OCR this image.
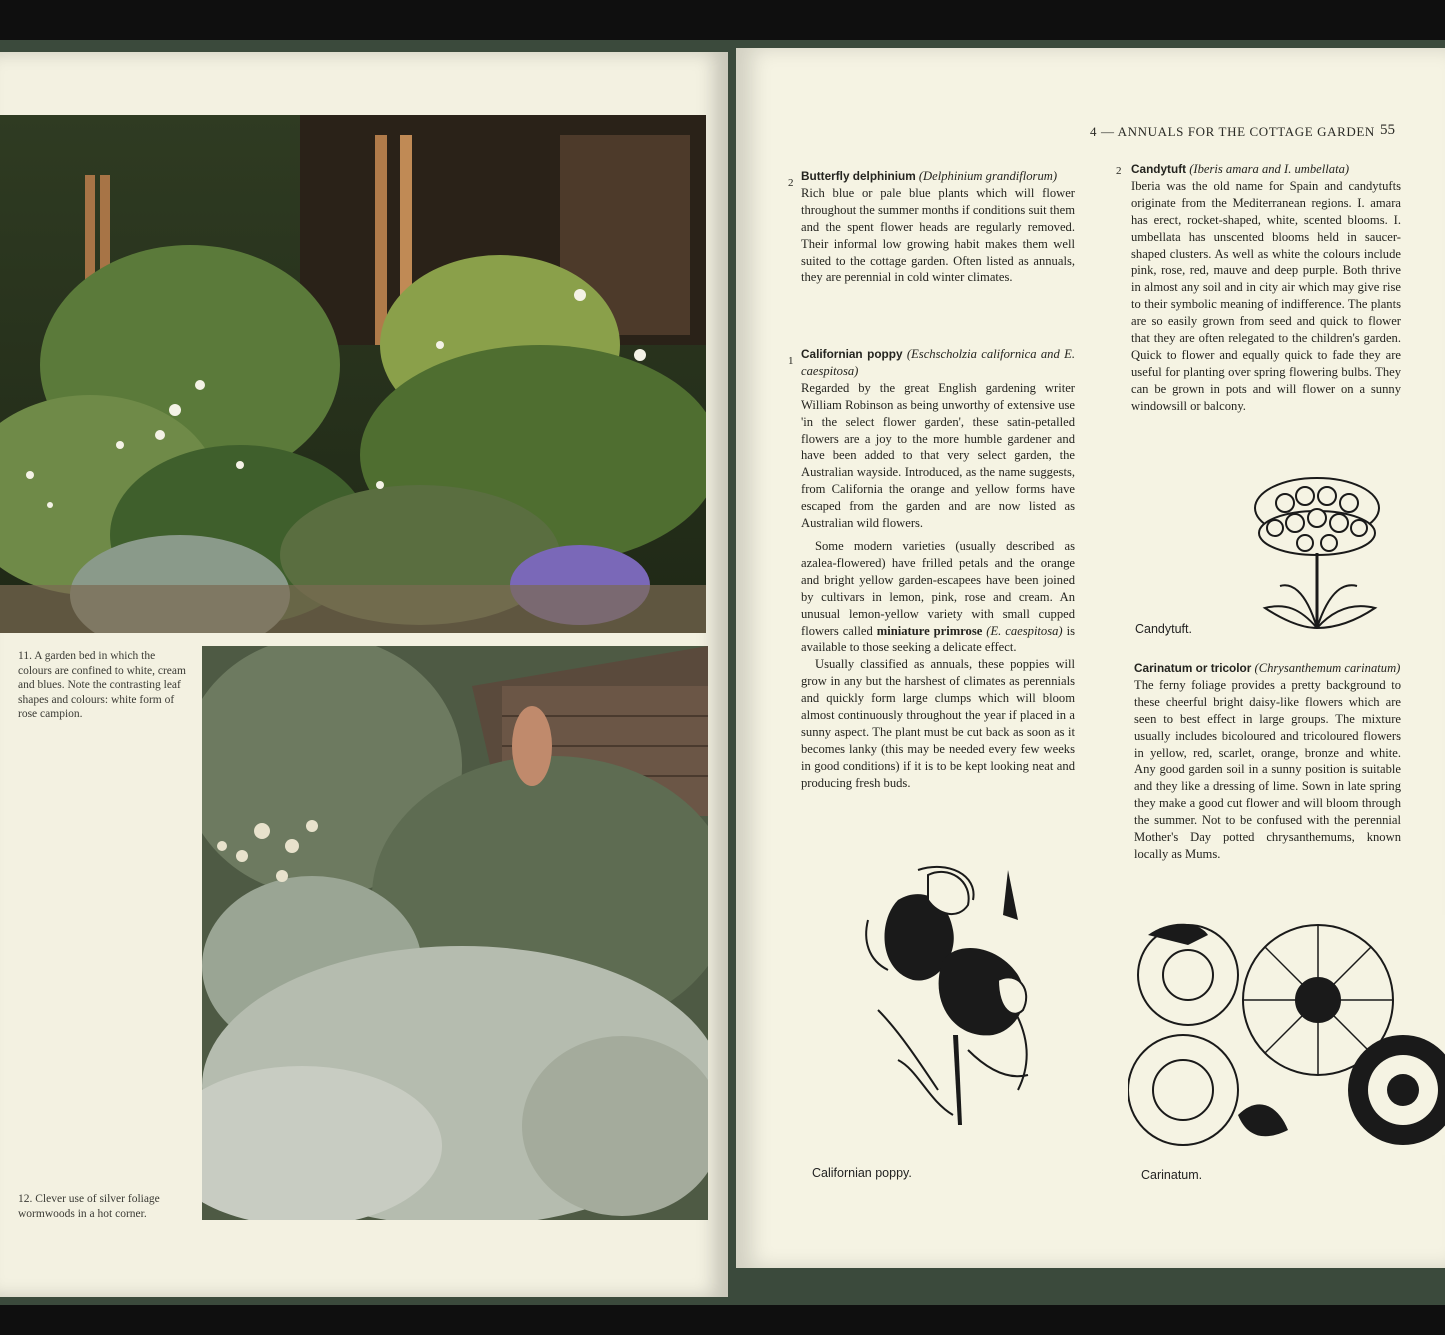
11. A garden bed in which the colours are confined to white, cream and blues. Note the contrasting leaf shapes and colours: white form of rose campion.
12. Clever use of silver foliage wormwoods in a hot corner.
4 — ANNUALS FOR THE COTTAGE GARDEN 55
2 Butterfly delphinium (Delphinium grandiflorum)

Rich blue or pale blue plants which will flower throughout the summer months if conditions suit them and the spent flower heads are regularly removed. Their informal low growing habit makes them well suited to the cottage garden. Often listed as annuals, they are perennial in cold winter climates.

1 Californian poppy (Eschscholzia californica and E. caespitosa)

Regarded by the great English gardening writer William Robinson as being unworthy of extensive use 'in the select flower garden', these satin-petalled flowers are a joy to the more humble gardener and have been added to that very select garden, the Australian wayside. Introduced, as the name suggests, from California the orange and yellow forms have escaped from the garden and are now listed as Australian wild flowers.

Some modern varieties (usually described as azalea-flowered) have frilled petals and the orange and bright yellow garden-escapees have been joined by cultivars in lemon, pink, rose and cream. An unusual lemon-yellow variety with small cupped flowers called miniature primrose (E. caespitosa) is available to those seeking a delicate effect.

Usually classified as annuals, these poppies will grow in any but the harshest of climates as perennials and quickly form large clumps which will bloom almost continuously throughout the year if placed in a sunny aspect. The plant must be cut back as soon as it becomes lanky (this may be needed every few weeks in good conditions) if it is to be kept looking neat and producing fresh buds.

Californian poppy.
2 Candytuft (Iberis amara and I. umbellata)

Iberia was the old name for Spain and candytufts originate from the Mediterranean regions. I. amara has erect, rocket-shaped, white, scented blooms. I. umbellata has unscented blooms held in saucer-shaped clusters. As well as white the colours include pink, rose, red, mauve and deep purple. Both thrive in almost any soil and in city air which may give rise to their symbolic meaning of indifference. The plants are so easily grown from seed and quick to flower that they are often relegated to the children's garden. Quick to flower and equally quick to fade they are useful for planting over spring flowering bulbs. They can be grown in pots and will flower on a sunny windowsill or balcony.

Candytuft.

Carinatum or tricolor (Chrysanthemum carinatum)

The ferny foliage provides a pretty background to these cheerful bright daisy-like flowers which are seen to best effect in large groups. The mixture usually includes bicoloured and tricoloured flowers in yellow, red, scarlet, orange, bronze and white. Any good garden soil in a sunny position is suitable and they like a dressing of lime. Sown in late spring they make a good cut flower and will bloom through the summer. Not to be confused with the perennial Mother's Day potted chrysanthemums, known locally as Mums.

Carinatum.
